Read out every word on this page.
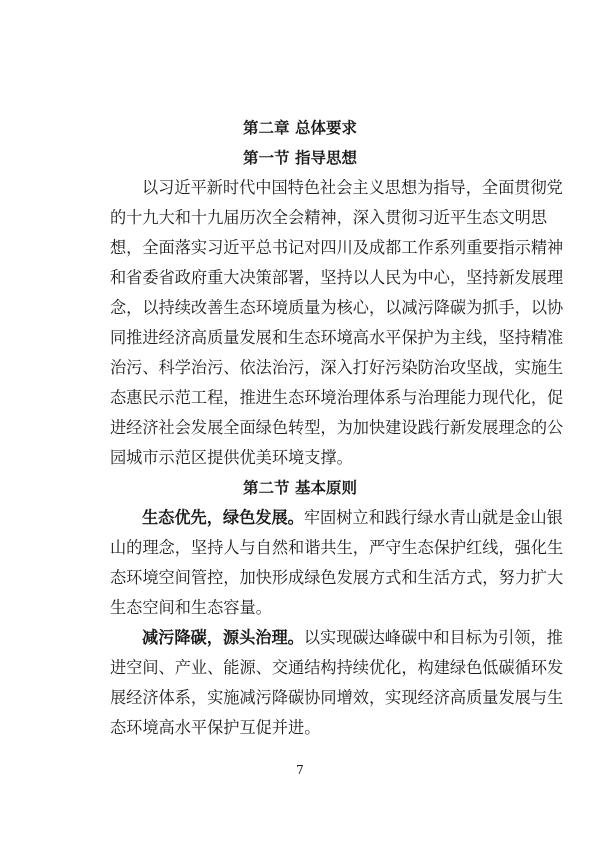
第二章 总体要求
第一节 指导思想
以习近平新时代中国特色社会主义思想为指导，全面贯彻党
的十九大和十九届历次全会精神，深入贯彻习近平生态文明思
想，全面落实习近平总书记对四川及成都工作系列重要指示精神
和省委省政府重大决策部署，坚持以人民为中心，坚持新发展理
念，以持续改善生态环境质量为核心，以减污降碳为抓手，以协
同推进经济高质量发展和生态环境高水平保护为主线，坚持精准
治污、科学治污、依法治污，深入打好污染防治攻坚战，实施生
态惠民示范工程，推进生态环境治理体系与治理能力现代化，促
进经济社会发展全面绿色转型，为加快建设践行新发展理念的公
园城市示范区提供优美环境支撑。
第二节 基本原则
生态优先，绿色发展。牢固树立和践行绿水青山就是金山银
山的理念，坚持人与自然和谐共生，严守生态保护红线，强化生
态环境空间管控，加快形成绿色发展方式和生活方式，努力扩大
生态空间和生态容量。
减污降碳，源头治理。以实现碳达峰碳中和目标为引领，推
进空间、产业、能源、交通结构持续优化，构建绿色低碳循环发
展经济体系，实施减污降碳协同增效，实现经济高质量发展与生
态环境高水平保护互促并进。
7
